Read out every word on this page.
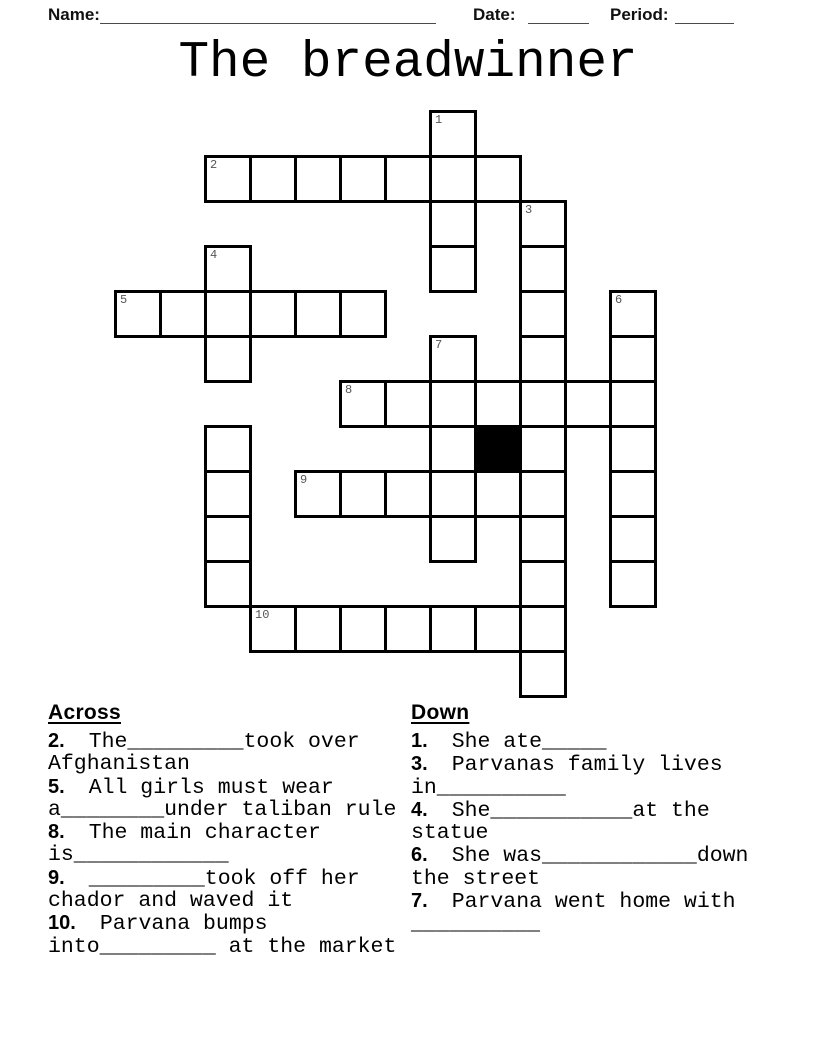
Name:	Date:	Period:
The breadwinner
1
2
3
4
5	6
7
8
9
10
Across
2. The_________took over Afghanistan
5. All girls must wear a________under taliban rule
8. The main character is____________
9. _________took off her chador and waved it
10. Parvana bumps into_________ at the market
Down
1. She ate_____
3. Parvanas family lives in__________
4. She___________at the statue
6. She was____________down the street
7. Parvana went home with __________
